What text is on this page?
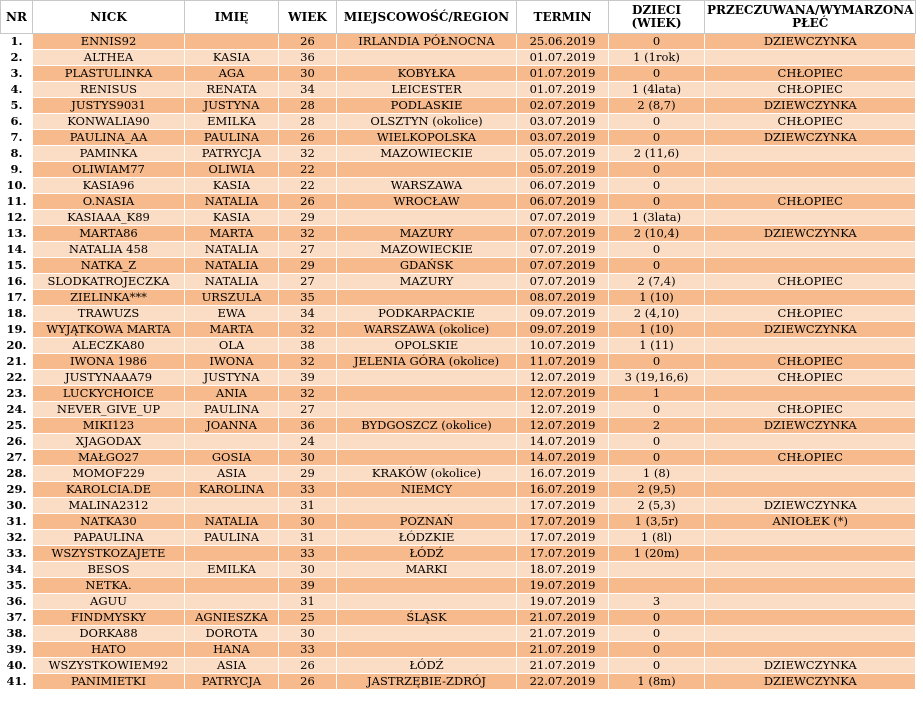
NR	NICK	IMIĘ	WIEK	MIEJSCOWOŚĆ/REGION	TERMIN	DZIECI (WIEK)	PRZECZUWANA/WYMARZONA PŁEĆ
1.	ENNIS92		26	IRLANDIA PÓŁNOCNA	25.06.2019	0	DZIEWCZYNKA
2.	ALTHEA	KASIA	36		01.07.2019	1 (1rok)	
3.	PLASTULINKA	AGA	30	KOBYŁKA	01.07.2019	0	CHŁOPIEC
4.	RENISUS	RENATA	34	LEICESTER	01.07.2019	1 (4lata)	CHŁOPIEC
5.	JUSTYS9031	JUSTYNA	28	PODLASKIE	02.07.2019	2 (8,7)	DZIEWCZYNKA
6.	KONWALIA90	EMILKA	28	OLSZTYN (okolice)	03.07.2019	0	CHŁOPIEC
7.	PAULINA_AA	PAULINA	26	WIELKOPOLSKA	03.07.2019	0	DZIEWCZYNKA
8.	PAMINKA	PATRYCJA	32	MAZOWIECKIE	05.07.2019	2 (11,6)	
9.	OLIWIAM77	OLIWIA	22		05.07.2019	0	
10.	KASIA96	KASIA	22	WARSZAWA	06.07.2019	0	
11.	O.NASIA	NATALIA	26	WROCŁAW	06.07.2019	0	CHŁOPIEC
12.	KASIAAA_K89	KASIA	29		07.07.2019	1 (3lata)	
13.	MARTA86	MARTA	32	MAZURY	07.07.2019	2 (10,4)	DZIEWCZYNKA
14.	NATALIA 458	NATALIA	27	MAZOWIECKIE	07.07.2019	0	
15.	NATKA_Z	NATALIA	29	GDAŃSK	07.07.2019	0	
16.	SLODKATROJECZKA	NATALIA	27	MAZURY	07.07.2019	2 (7,4)	CHŁOPIEC
17.	ZIELINKA***	URSZULA	35		08.07.2019	1 (10)	
18.	TRAWUZS	EWA	34	PODKARPACKIE	09.07.2019	2 (4,10)	CHŁOPIEC
19.	WYJĄTKOWA MARTA	MARTA	32	WARSZAWA (okolice)	09.07.2019	1 (10)	DZIEWCZYNKA
20.	ALECZKA80	OLA	38	OPOLSKIE	10.07.2019	1 (11)	
21.	IWONA 1986	IWONA	32	JELENIA GÓRA (okolice)	11.07.2019	0	CHŁOPIEC
22.	JUSTYNAAA79	JUSTYNA	39		12.07.2019	3 (19,16,6)	CHŁOPIEC
23.	LUCKYCHOICE	ANIA	32		12.07.2019	1	
24.	NEVER_GIVE_UP	PAULINA	27		12.07.2019	0	CHŁOPIEC
25.	MIKI123	JOANNA	36	BYDGOSZCZ (okolice)	12.07.2019	2	DZIEWCZYNKA
26.	XJAGODAX		24		14.07.2019	0	
27.	MAŁGO27	GOSIA	30		14.07.2019	0	CHŁOPIEC
28.	MOMOF229	ASIA	29	KRAKÓW (okolice)	16.07.2019	1 (8)	
29.	KAROLCIA.DE	KAROLINA	33	NIEMCY	16.07.2019	2 (9,5)	
30.	MALINA2312		31		17.07.2019	2 (5,3)	DZIEWCZYNKA
31.	NATKA30	NATALIA	30	POZNAŃ	17.07.2019	1 (3,5r)	ANIOŁEK (*)
32.	PAPAULINA	PAULINA	31	ŁÓDZKIE	17.07.2019	1 (8l)	
33.	WSZYSTKOZAJETE		33	ŁÓDŹ	17.07.2019	1 (20m)	
34.	BESOS	EMILKA	30	MARKI	18.07.2019		
35.	NETKA.		39		19.07.2019		
36.	AGUU		31		19.07.2019	3	
37.	FINDMYSKY	AGNIESZKA	25	ŚLĄSK	21.07.2019	0	
38.	DORKA88	DOROTA	30		21.07.2019	0	
39.	HATO	HANA	33		21.07.2019	0	
40.	WSZYSTKOWIEM92	ASIA	26	ŁÓDŹ	21.07.2019	0	DZIEWCZYNKA
41.	PANIMIETKI	PATRYCJA	26	JASTRZĘBIE-ZDRÓJ	22.07.2019	1 (8m)	DZIEWCZYNKA
